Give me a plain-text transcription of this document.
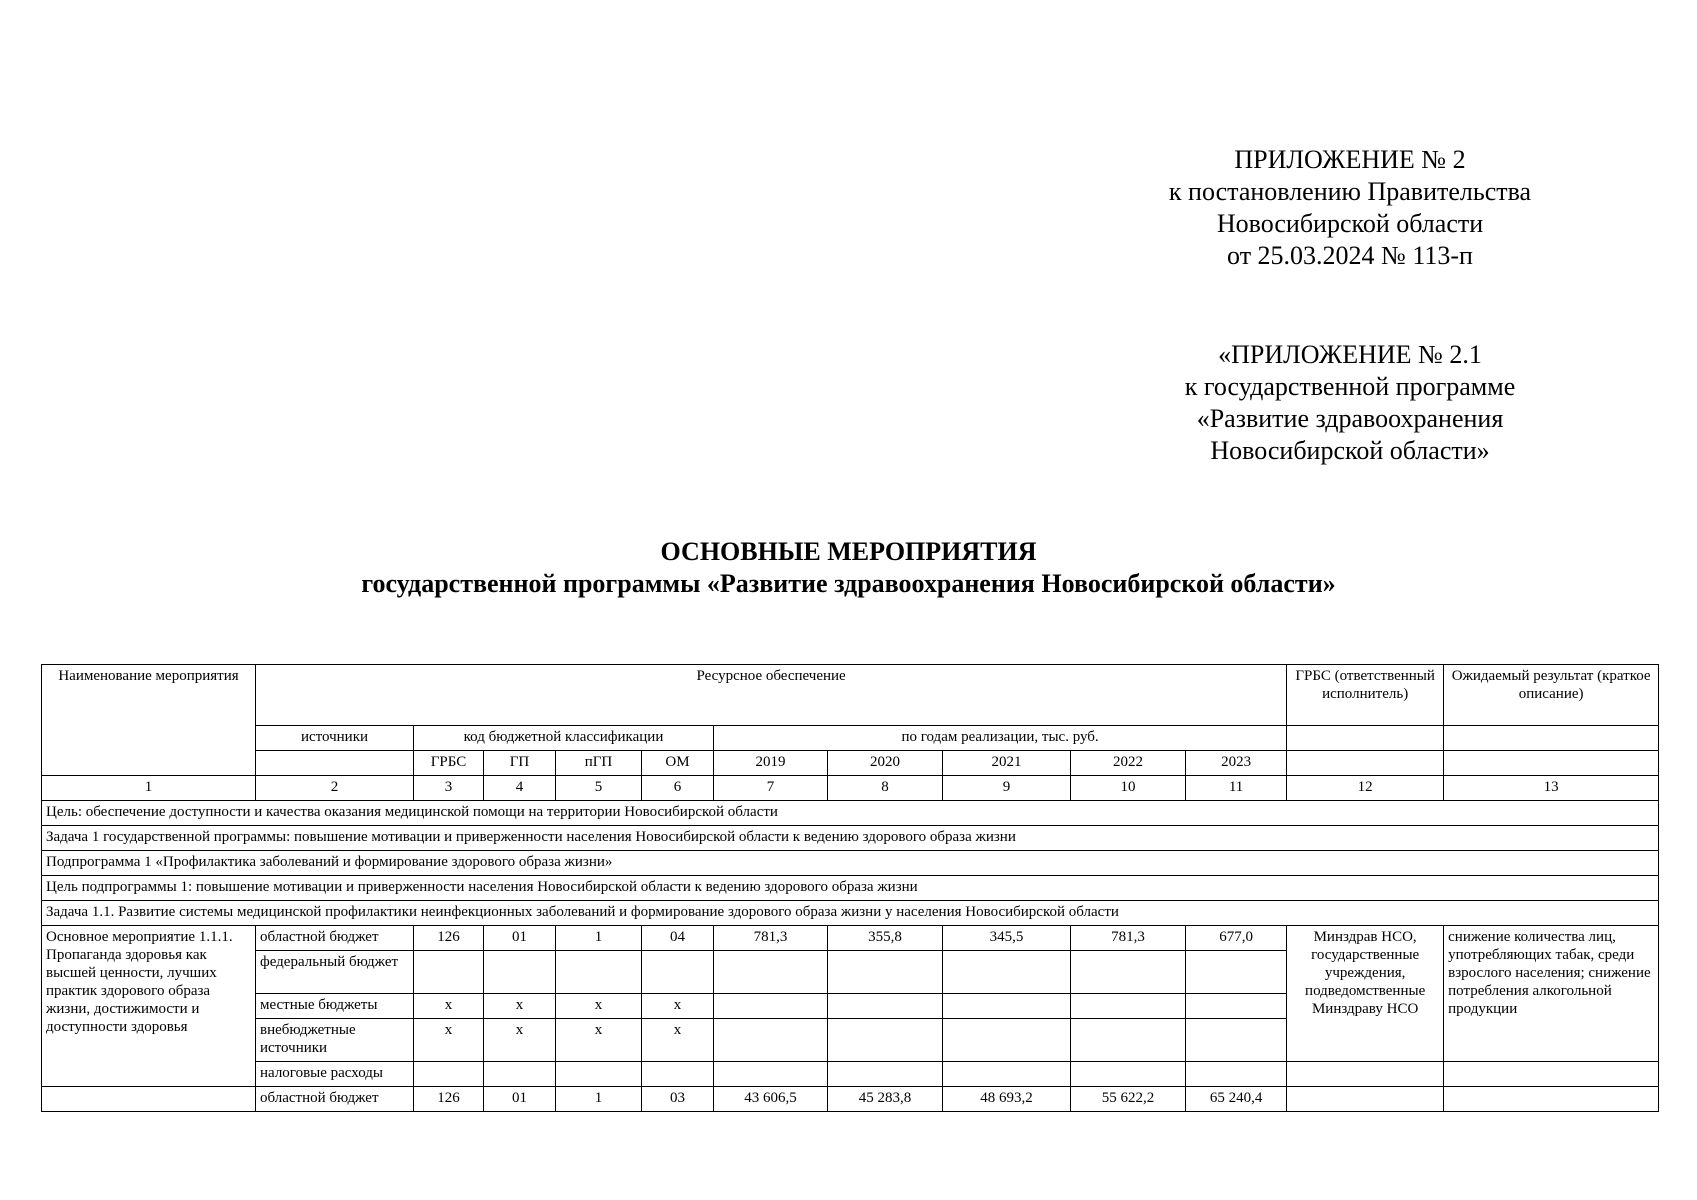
ПРИЛОЖЕНИЕ № 2
к постановлению Правительства
Новосибирской области
от 25.03.2024 № 113-п
«ПРИЛОЖЕНИЕ № 2.1
к государственной программе
«Развитие здравоохранения
Новосибирской области»
ОСНОВНЫЕ МЕРОПРИЯТИЯ
государственной программы «Развитие здравоохранения Новосибирской области»
Наименование мероприятия	Ресурсное обеспечение										ГРБС (ответственный исполнитель)	Ожидаемый результат (краткое описание)
	источники	код бюджетной классификации				по годам реализации, тыс. руб.						
		ГРБС	ГП	пГП	ОМ	2019	2020	2021	2022	2023		
1	2	3	4	5	6	7	8	9	10	11	12	13
Цель: обеспечение доступности и качества оказания медицинской помощи на территории Новосибирской области												
Задача 1 государственной программы: повышение мотивации и приверженности населения Новосибирской области к ведению здорового образа жизни												
Подпрограмма 1 «Профилактика заболеваний и формирование здорового образа жизни»												
Цель подпрограммы 1: повышение мотивации и приверженности населения Новосибирской области к ведению здорового образа жизни												
Задача 1.1. Развитие системы медицинской профилактики неинфекционных заболеваний и формирование здорового образа жизни у населения Новосибирской области												
Основное мероприятие 1.1.1. Пропаганда здоровья как высшей ценности, лучших практик здорового образа жизни, достижимости и доступности здоровья	областной бюджет	126	01	1	04	781,3	355,8	345,5	781,3	677,0	Минздрав НСО, государственные учреждения, подведомственные Минздраву НСО	снижение количества лиц, употребляющих табак, среди взрослого населения; снижение потребления алкогольной продукции
	федеральный бюджет											
	местные бюджеты	x	x	x	x							
	внебюджетные источники	x	x	x	x							
	налоговые расходы											
	областной бюджет	126	01	1	03	43 606,5	45 283,8	48 693,2	55 622,2	65 240,4		
